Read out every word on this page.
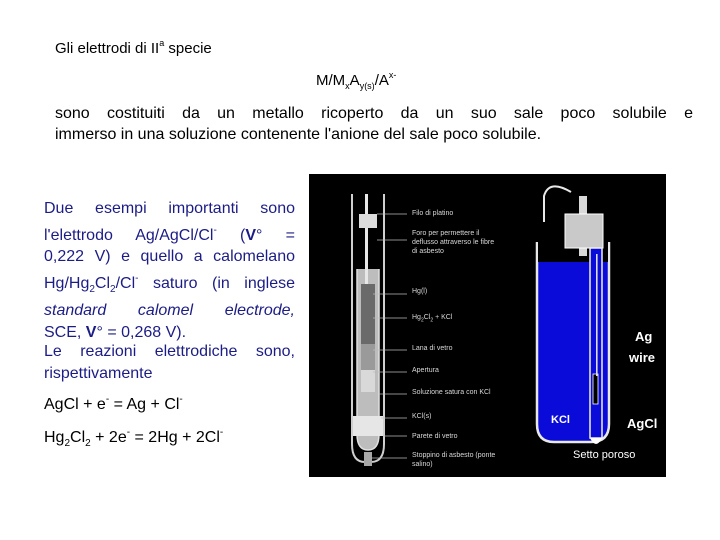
Gli elettrodi di $II^a$ specie
$M/M_xA_{y(s)}/A^{x-}$
sono costituiti da un metallo ricoperto da un suo sale poco solubile e
immerso in una soluzione contenente l'anione del sale poco solubile.
Due esempi importanti sono
l'elettrodo Ag/AgCl/Cl- (V° =
0,222 V) e quello a calomelano
$Hg/Hg_2Cl_2/Cl^-$ saturo (in inglese
standard calomel electrode,
SCE, V° = 0,268 V).
Le reazioni elettrodiche sono,
rispettivamente
AgCl + e- = Ag + Cl-
$Hg_2Cl_2 + 2e^- = 2Hg + 2Cl^-$
Filo di platino
Foro per permettere il
deflusso attraverso le fibre
di asbesto
Hg(l)
$Hg_2Cl_2$ + KCl
Lana di vetro
Apertura
Soluzione satura con KCl
KCl(s)
Parete di vetro
Stoppino di asbesto (ponte
salino)
Ag
wire
AgCl
KCl
Setto poroso
